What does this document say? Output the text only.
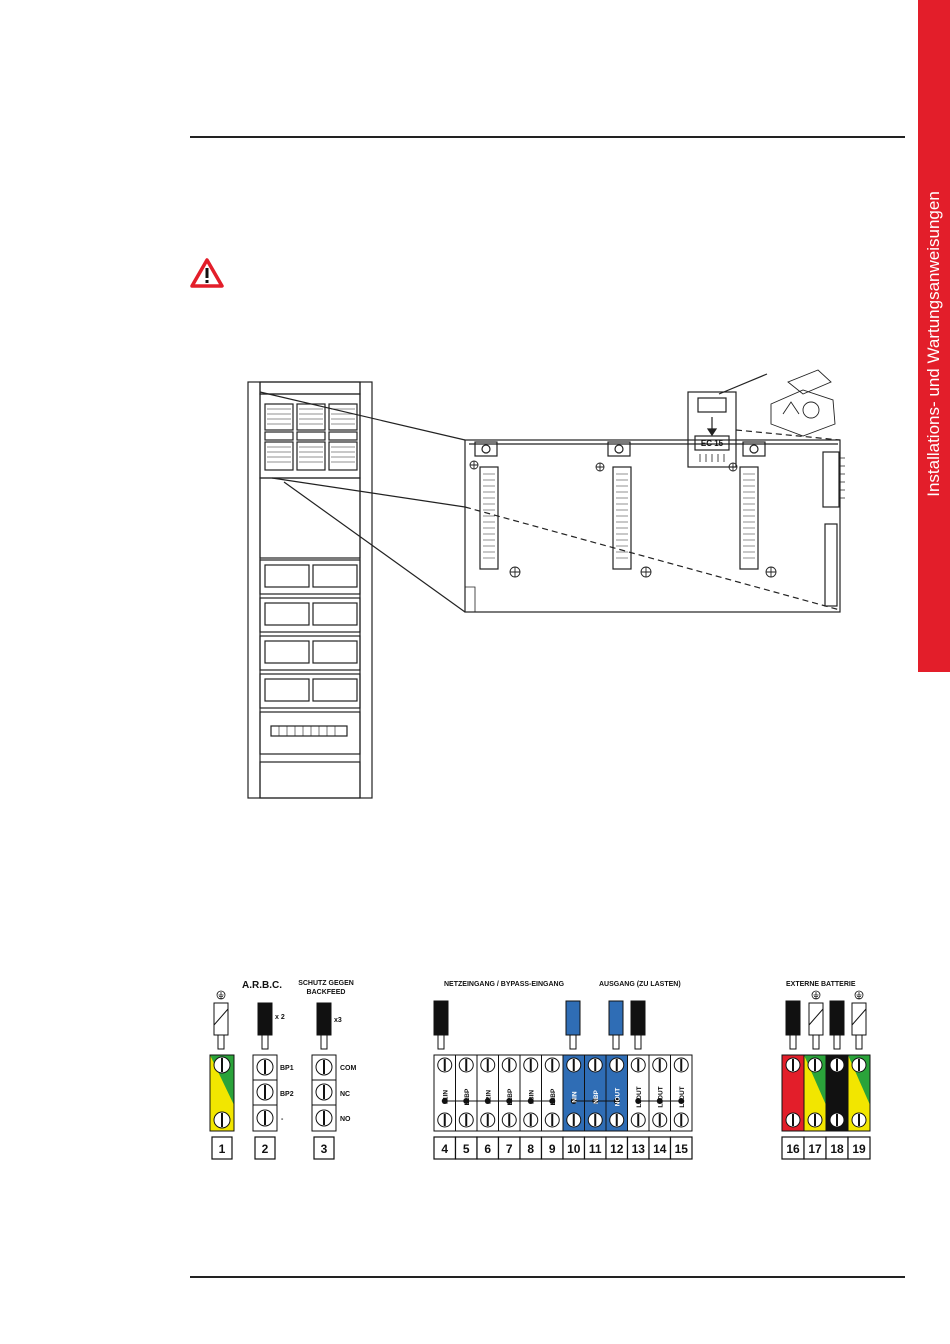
Installations- und Wartungsanweisungen
EC 15
A.R.B.C. SCHUTZ GEGEN
BACKFEED
NETZEINGANG / BYPASS-EINGANG	AUSGANG (ZU LASTEN)	EXTERNE BATTERIE
x 2	x3
BP1
BP2
-
COM
NC
NO
L1IN L1BP L2IN L2BP L3IN L3BP NIN NBP NOUT L1OUT L2OUT L3OUT
1	2	3	4 5 6 7 8 9 10 11 12 13 14 15	16 17 18 19
